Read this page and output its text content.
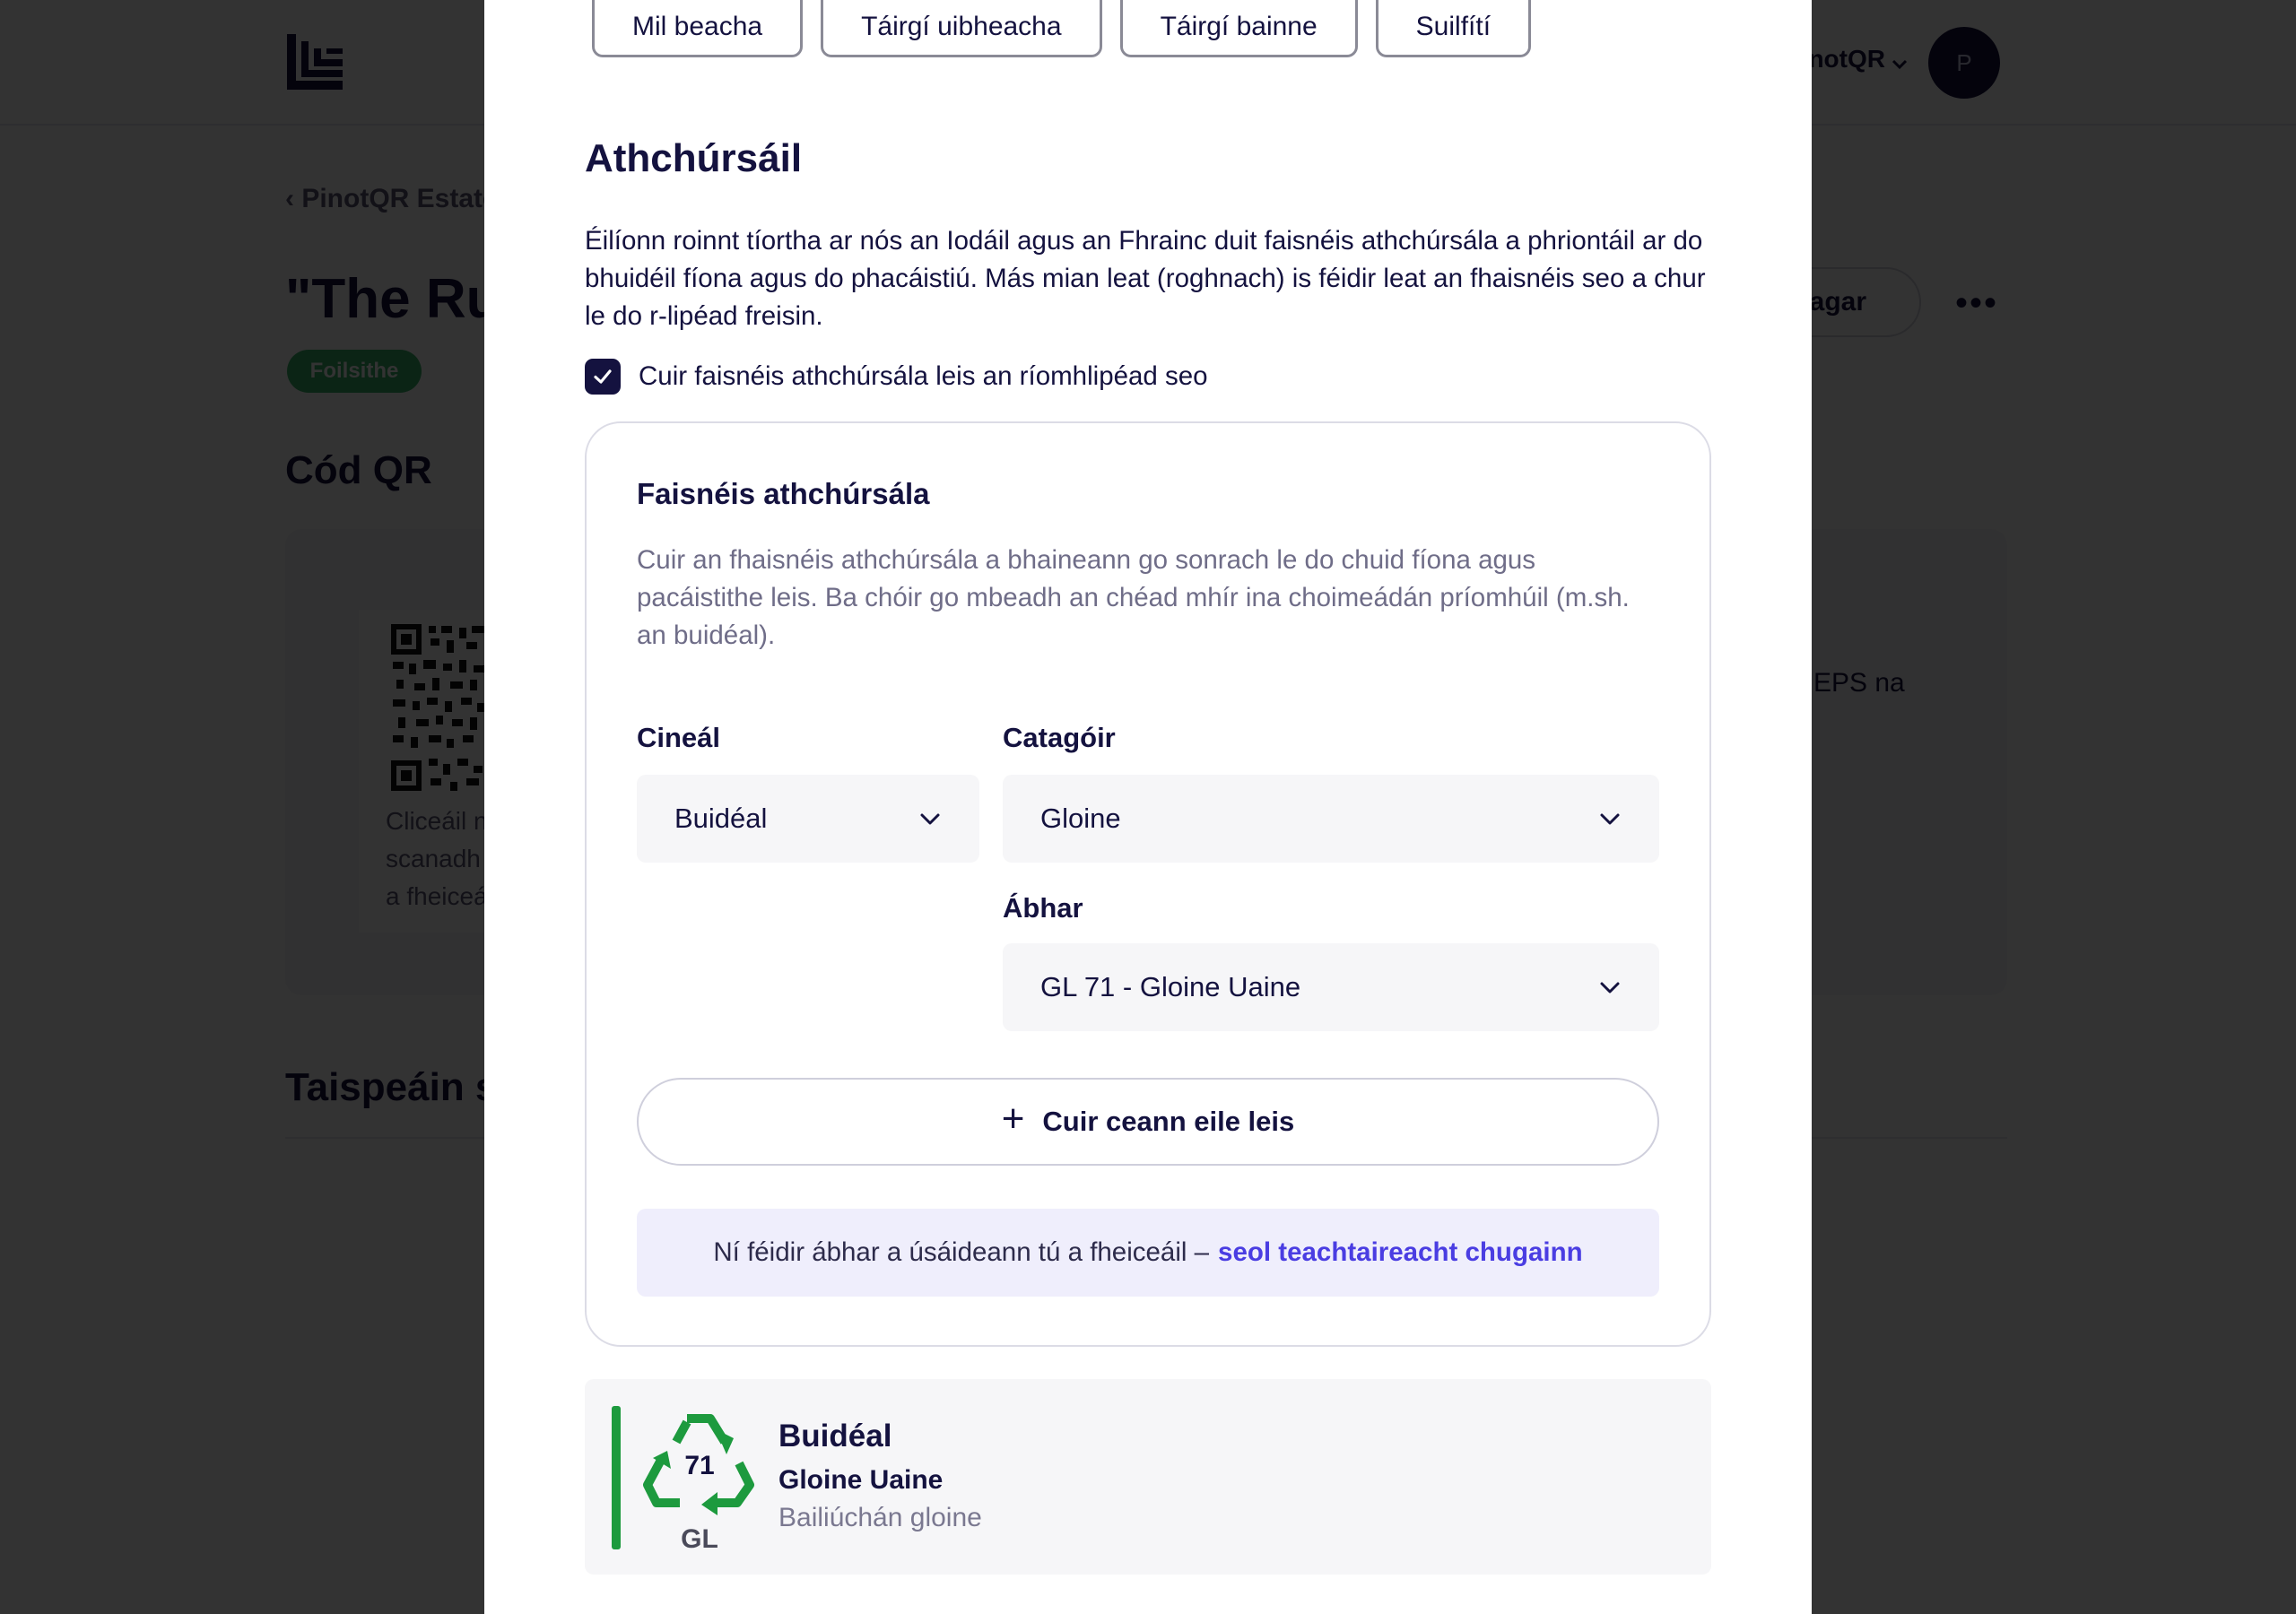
Mil beacha	Táirgí uibheacha	Táirgí bainne	Suilfítí
Athchúrsáil
Éilíonn roinnt tíortha ar nós an Iodáil agus an Fhrainc duit faisnéis athchúrsála a phriontáil ar do bhuidéil fíona agus do phacáistiú. Más mian leat (roghnach) is féidir leat an fhaisnéis seo a chur le do r-lipéad freisin.
Cuir faisnéis athchúrsála leis an ríomhlipéad seo
Faisnéis athchúrsála
Cuir an fhaisnéis athchúrsála a bhaineann go sonrach le do chuid fíona agus pacáistithe leis. Ba chóir go mbeadh an chéad mhír ina choimeádán príomhúil (m.sh. an buidéal).
Cineál
Buidéal
Catagóir
Gloine
Ábhar
GL 71 - Gloine Uaine
+ Cuir ceann eile leis
Ní féidir ábhar a úsáideann tú a fheiceáil – seol teachtaireacht chugainn
71
GL
Buidéal
Gloine Uaine
Bailiúchán gloine
